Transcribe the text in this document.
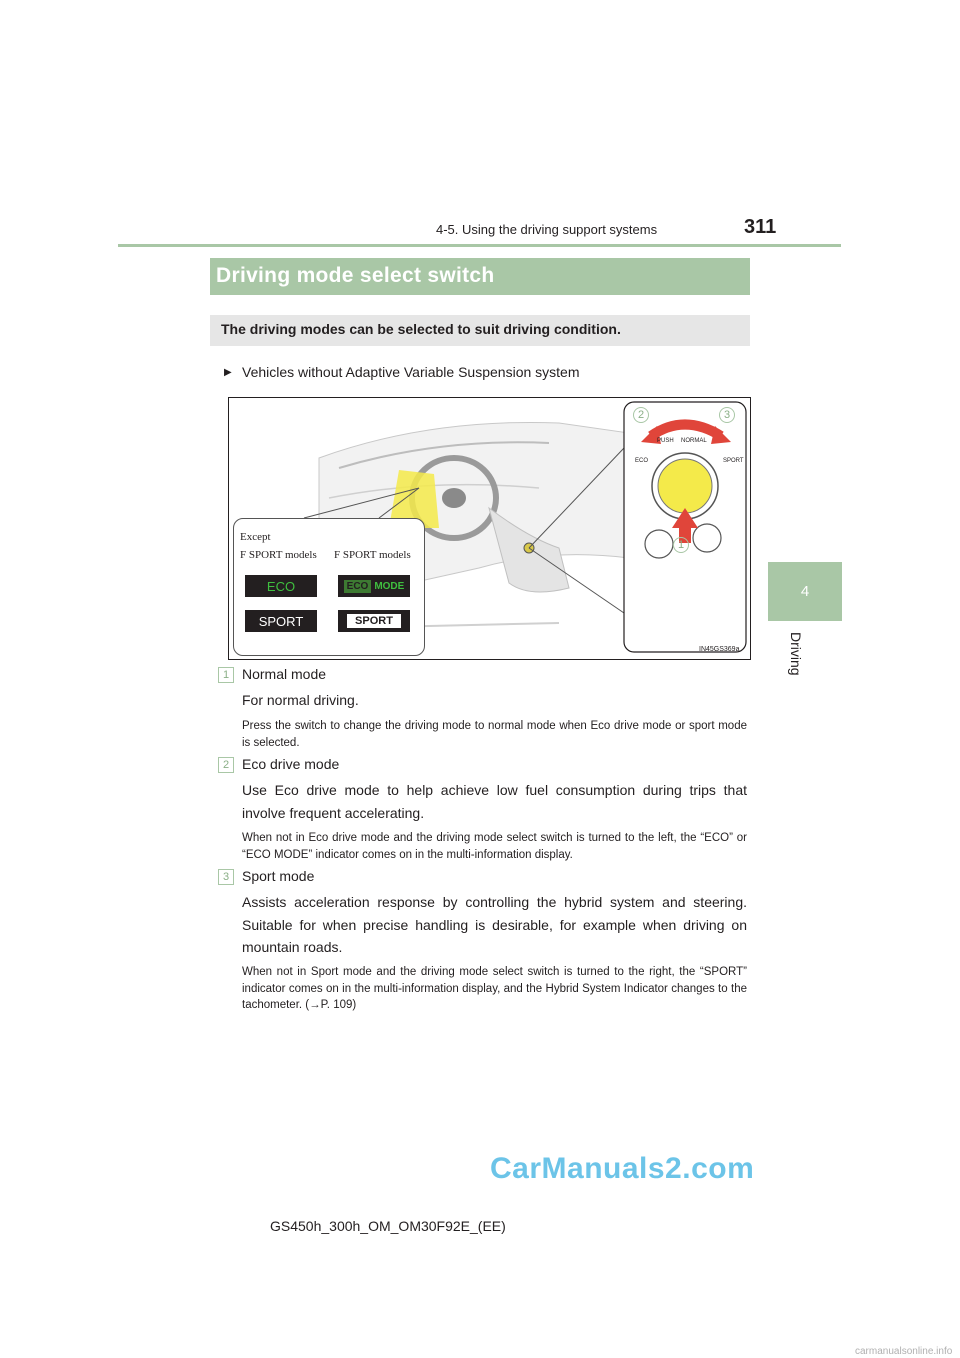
4-5. Using the driving support systems	311
4
Driving
Driving mode select switch
The driving modes can be selected to suit driving condition.
▶ Vehicles without Adaptive Variable Suspension system
2	3
1
PUSH NORMAL
ECO	SPORT
Except
F SPORT models F SPORT models
ECO	ECO MODE
SPORT	SPORT
IN45GS369a
1 Normal mode
For normal driving.
Press the switch to change the driving mode to normal mode when Eco drive mode or sport mode is selected.
2 Eco drive mode
Use Eco drive mode to help achieve low fuel consumption during trips that involve frequent accelerating.
When not in Eco drive mode and the driving mode select switch is turned to the left, the “ECO” or “ECO MODE” indicator comes on in the multi-information display.
3 Sport mode
Assists acceleration response by controlling the hybrid system and steering. Suitable for when precise handling is desirable, for example when driving on mountain roads.
When not in Sport mode and the driving mode select switch is turned to the right, the “SPORT” indicator comes on in the multi-information display, and the Hybrid System Indicator changes to the tachometer. (→P. 109)
GS450h_300h_OM_OM30F92E_(EE)
CarManuals2.com
carmanualsonline.info
